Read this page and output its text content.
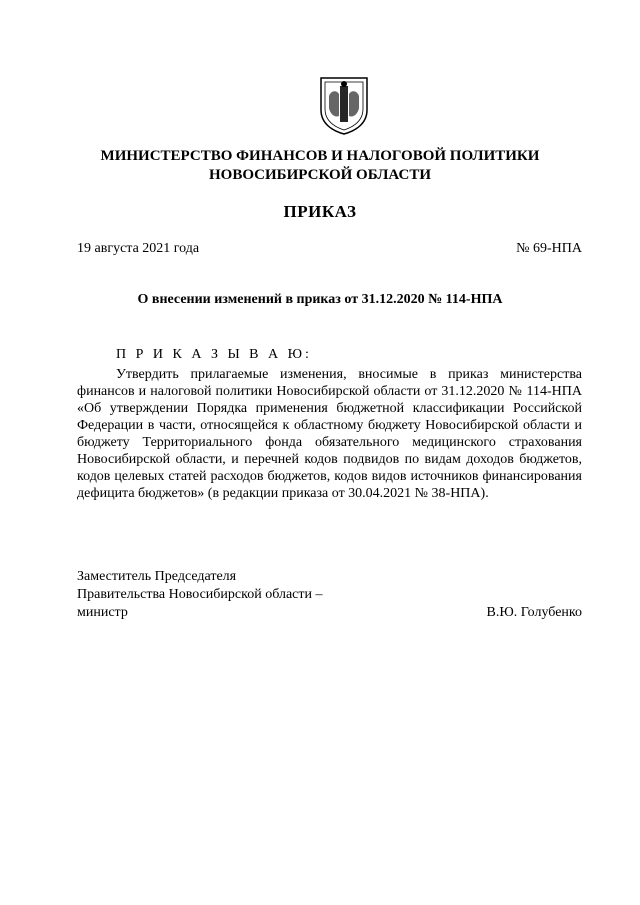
МИНИСТЕРСТВО ФИНАНСОВ И НАЛОГОВОЙ ПОЛИТИКИ
НОВОСИБИРСКОЙ ОБЛАСТИ
ПРИКАЗ
19 августа 2021 года	№ 69-НПА
О внесении изменений в приказ от 31.12.2020 № 114-НПА
П Р И К А З Ы В А Ю:
Утвердить прилагаемые изменения, вносимые в приказ министерства финансов и налоговой политики Новосибирской области от 31.12.2020 № 114-НПА «Об утверждении Порядка применения бюджетной классификации Российской Федерации в части, относящейся к областному бюджету Новосибирской области и бюджету Территориального фонда обязательного медицинского страхования Новосибирской области, и перечней кодов подвидов по видам доходов бюджетов, кодов целевых статей расходов бюджетов, кодов видов источников финансирования дефицита бюджетов» (в редакции приказа от 30.04.2021 № 38-НПА).
Заместитель Председателя
Правительства Новосибирской области –
министр	В.Ю. Голубенко
